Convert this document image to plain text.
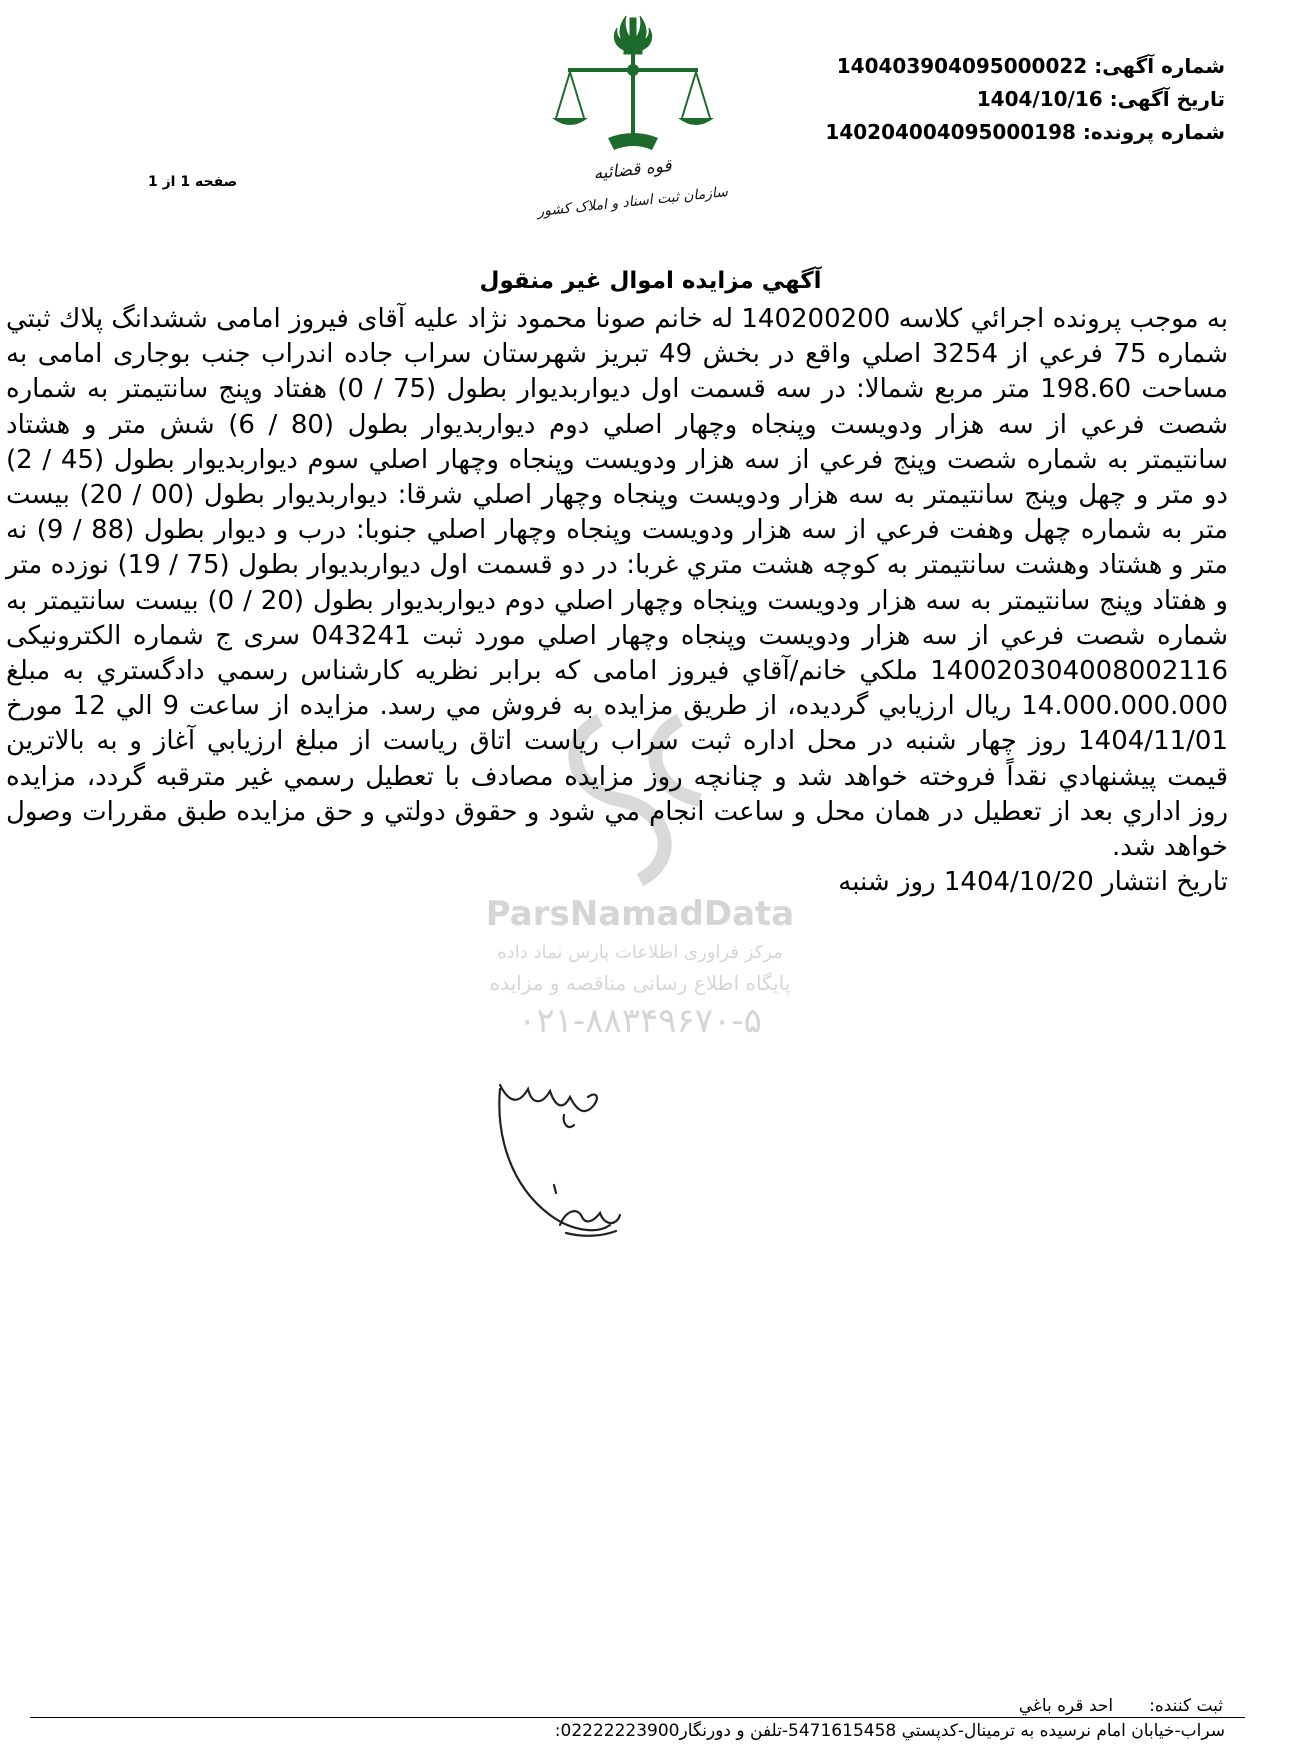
شماره آگهی: 140403904095000022
تاریخ آگهی: 1404/10/16
شماره پرونده: 140204004095000198
صفحه 1 از 1	قوه قضائیه
سازمان ثبت اسناد و املاک کشور
آگهي مزايده اموال غير منقول
ParsNamadData
مرکز فراوری اطلاعات پارس نماد داده
پایگاه اطلاع رسانی مناقصه و مزایده
۰۲۱-۸۸۳۴۹۶۷۰-۵

به موجب پرونده اجرائي كلاسه 140200200 له خانم صونا محمود نژاد علیه آقای فيروز امامی ششدانگ پلاك ثبتي شماره 75 فرعي از 3254 اصلي واقع در بخش 49 تبريز شهرستان سراب جاده اندراب جنب بوجاری امامی به مساحت 198.60 متر مربع شمالا: در سه قسمت اول ديواربديوار بطول (75 / 0) هفتاد وپنج سانتيمتر به شماره شصت فرعي از سه هزار ودويست وپنجاه وچهار اصلي دوم ديواربديوار بطول (80 / 6) شش متر و هشتاد سانتيمتر به شماره شصت وپنج فرعي از سه هزار ودويست وپنجاه وچهار اصلي سوم ديواربديوار بطول (45 / 2) دو متر و چهل وپنج سانتيمتر به سه هزار ودويست وپنجاه وچهار اصلي شرقا: ديواربديوار بطول (00 / 20) بيست متر به شماره چهل وهفت فرعي از سه هزار ودويست وپنجاه وچهار اصلي جنوبا: درب و ديوار بطول (88 / 9) نه متر و هشتاد وهشت سانتيمتر به كوچه هشت متري غربا: در دو قسمت اول ديواربديوار بطول (75 / 19) نوزده متر و هفتاد وپنج سانتيمتر به سه هزار ودويست وپنجاه وچهار اصلي دوم ديواربديوار بطول (20 / 0) بيست سانتيمتر به شماره شصت فرعي از سه هزار ودويست وپنجاه وچهار اصلي مورد ثبت 043241 سری ج شماره الکترونیکی 140020304008002116 ملكي خانم/آقاي فيروز امامی كه برابر نظريه كارشناس رسمي دادگستري به مبلغ 14.000.000.000 ريال ارزيابي گرديده، از طريق مزايده به فروش مي رسد. مزايده از ساعت 9 الي 12 مورخ 1404/11/01 روز چهار شنبه در محل اداره ثبت سراب رياست اتاق رياست از مبلغ ارزيابي آغاز و به بالاترين قيمت پيشنهادي نقداً فروخته خواهد شد و چنانچه روز مزايده مصادف با تعطيل رسمي غير مترقبه گردد، مزايده روز اداري بعد از تعطيل در همان محل و ساعت انجام مي شود و حقوق دولتي و حق مزايده طبق مقررات وصول خواهد شد.

تاريخ انتشار 1404/10/20 روز شنبه

ثبت كننده:احد قره باغي
سراب-خيابان امام نرسيده به ترمينال-كدپستي 5471615458-تلفن و دورنگار02222223900:
